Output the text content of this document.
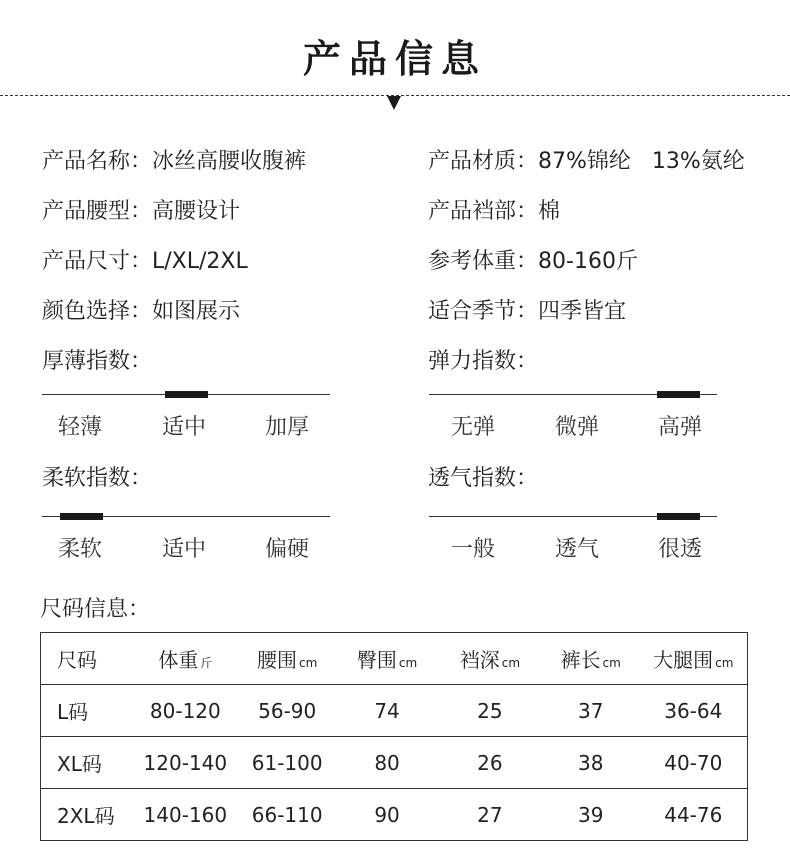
产品信息
产品名称：冰丝高腰收腹裤
产品腰型：高腰设计
产品尺寸：L/XL/2XL
颜色选择：如图展示
产品材质：87%锦纶   13%氨纶
产品裆部：棉
参考体重：80-160斤
适合季节：四季皆宜
厚薄指数：
轻薄	适中	加厚
弹力指数：
无弹	微弹	高弹
柔软指数：
柔软	适中	偏硬
透气指数：
一般	透气	很透
尺码信息：
尺码	体重 斤	腰围 cm	臀围 cm	裆深 cm	裤长 cm	大腿围 cm
L码	80-120	56-90	74	25	37	36-64
XL码	120-140	61-100	80	26	38	40-70
2XL码	140-160	66-110	90	27	39	44-76
